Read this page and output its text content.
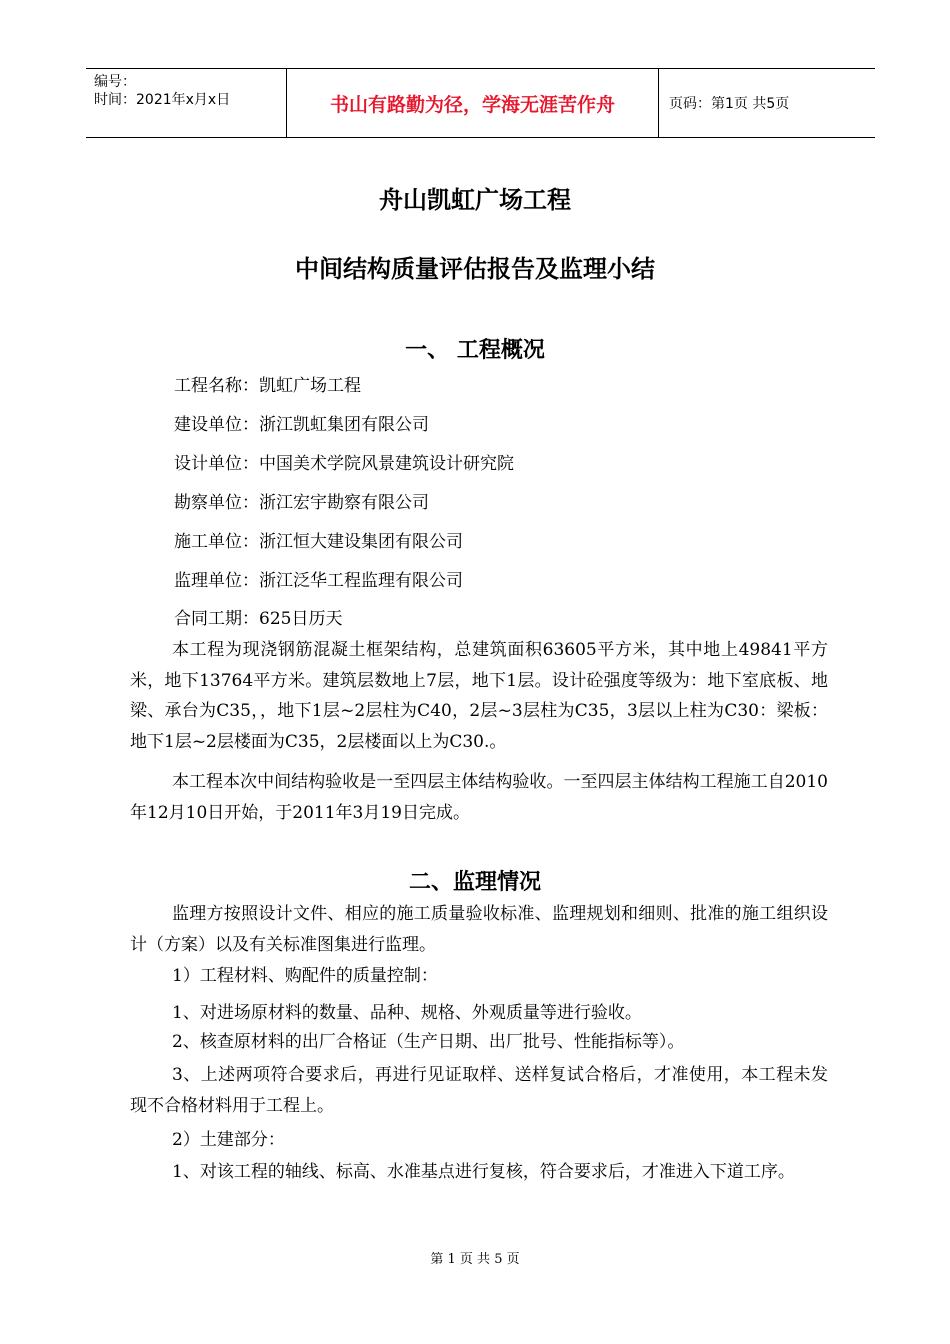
编号：
时间：2021年x月x日	书山有路勤为径，学海无涯苦作舟	页码：第1页 共5页
舟山凯虹广场工程
中间结构质量评估报告及监理小结
一、 工程概况
工程名称：凯虹广场工程
建设单位：浙江凯虹集团有限公司
设计单位：中国美术学院风景建筑设计研究院
勘察单位：浙江宏宇勘察有限公司
施工单位：浙江恒大建设集团有限公司
监理单位：浙江泛华工程监理有限公司
合同工期：625日历天

本工程为现浇钢筋混凝土框架结构，总建筑面积63605平方米，其中地上49841平方米，地下13764平方米。建筑层数地上7层，地下1层。设计砼强度等级为：地下室底板、地梁、承台为C35，，地下1层~2层柱为C40，2层~3层柱为C35，3层以上柱为C30：梁板：地下1层~2层楼面为C35，2层楼面以上为C30.。

本工程本次中间结构验收是一至四层主体结构验收。一至四层主体结构工程施工自2010年12月10日开始，于2011年3月19日完成。

二、监理情况

监理方按照设计文件、相应的施工质量验收标准、监理规划和细则、批准的施工组织设计（方案）以及有关标准图集进行监理。

1）工程材料、购配件的质量控制：

1、对进场原材料的数量、品种、规格、外观质量等进行验收。

2、核查原材料的出厂合格证（生产日期、出厂批号、性能指标等）。

3、上述两项符合要求后，再进行见证取样、送样复试合格后，才准使用，本工程未发现不合格材料用于工程上。

2）土建部分：

1、对该工程的轴线、标高、水准基点进行复核，符合要求后，才准进入下道工序。

第 1 页 共 5 页
